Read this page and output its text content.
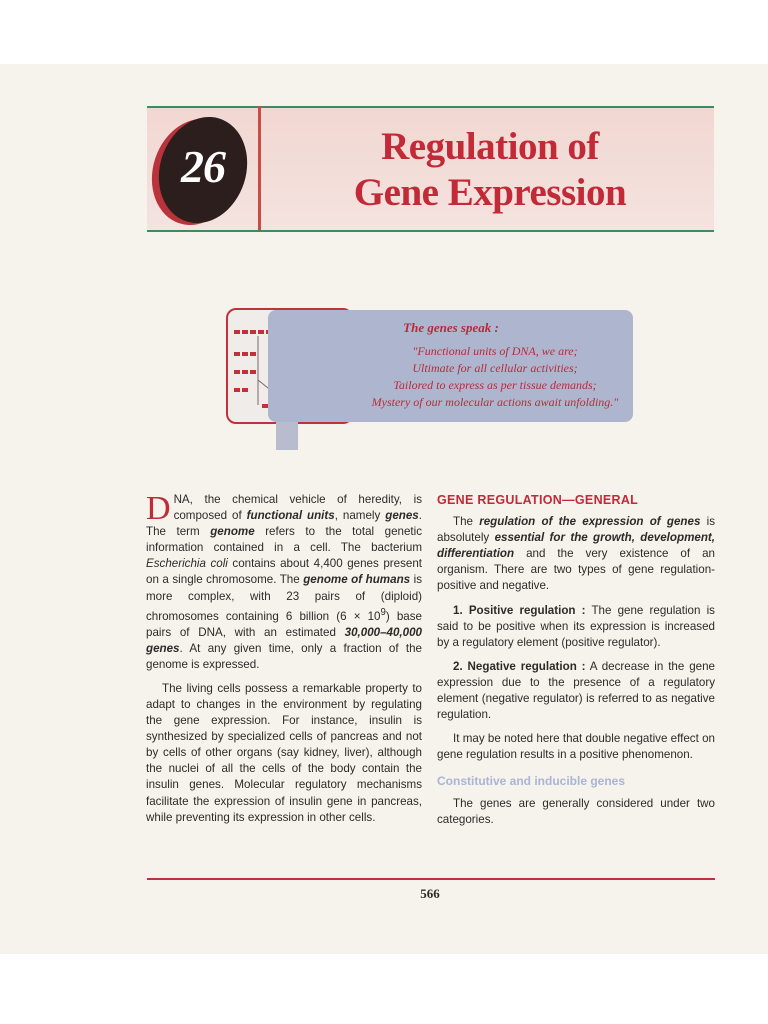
26	Regulation of
Gene Expression
The genes speak :
"Functional units of DNA, we are;
Ultimate for all cellular activities;
Tailored to express as per tissue demands;
Mystery of our molecular actions await unfolding."

DNA, the chemical vehicle of heredity, is composed of functional units, namely genes. The term genome refers to the total genetic information contained in a cell. The bacterium Escherichia coli contains about 4,400 genes present on a single chromosome. The genome of humans is more complex, with 23 pairs of (diploid) chromosomes containing 6 billion $(6 \times 10^9)$ base pairs of DNA, with an estimated 30,000–40,000 genes. At any given time, only a fraction of the genome is expressed.

The living cells possess a remarkable property to adapt to changes in the environment by regulating the gene expression. For instance, insulin is synthesized by specialized cells of pancreas and not by cells of other organs (say kidney, liver), although the nuclei of all the cells of the body contain the insulin genes. Molecular regulatory mechanisms facilitate the expression of insulin gene in pancreas, while preventing its expression in other cells.

GENE REGULATION—GENERAL

The regulation of the expression of genes is absolutely essential for the growth, development, differentiation and the very existence of an organism. There are two types of gene regulation-positive and negative.

1. Positive regulation : The gene regulation is said to be positive when its expression is increased by a regulatory element (positive regulator).

2. Negative regulation : A decrease in the gene expression due to the presence of a regulatory element (negative regulator) is referred to as negative regulation.

It may be noted here that double negative effect on gene regulation results in a positive phenomenon.

Constitutive and inducible genes

The genes are generally considered under two categories.

566
